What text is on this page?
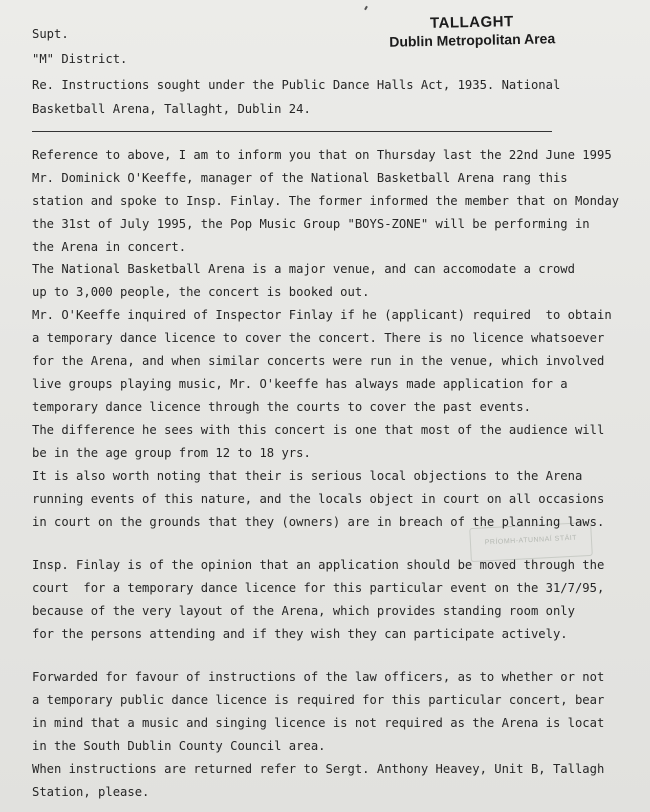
TALLAGHT
Dublin Metropolitan Area

Supt.

"M" District.

Re. Instructions sought under the Public Dance Halls Act, 1935. National

Basketball Arena, Tallaght, Dublin 24.

PRÍOMH-ATUNNAÍ STÁIT

Reference to above, I am to inform you that on Thursday last the 22nd June 1995

Mr. Dominick O'Keeffe, manager of the National Basketball Arena rang this

station and spoke to Insp. Finlay. The former informed the member that on Monday

the 31st of July 1995, the Pop Music Group "BOYS-ZONE" will be performing in

the Arena in concert.

The National Basketball Arena is a major venue, and can accomodate a crowd

up to 3,000 people, the concert is booked out.

Mr. O'Keeffe inquired of Inspector Finlay if he (applicant) required  to obtain

a temporary dance licence to cover the concert. There is no licence whatsoever

for the Arena, and when similar concerts were run in the venue, which involved

live groups playing music, Mr. O'keeffe has always made application for a

temporary dance licence through the courts to cover the past events.

The difference he sees with this concert is one that most of the audience will

be in the age group from 12 to 18 yrs.

It is also worth noting that their is serious local objections to the Arena

running events of this nature, and the locals object in court on all occasions

in court on the grounds that they (owners) are in breach of the planning laws.

Insp. Finlay is of the opinion that an application should be moved through the

court  for a temporary dance licence for this particular event on the 31/7/95,

because of the very layout of the Arena, which provides standing room only

for the persons attending and if they wish they can participate actively.

Forwarded for favour of instructions of the law officers, as to whether or not

a temporary public dance licence is required for this particular concert, bear

in mind that a music and singing licence is not required as the Arena is locat

in the South Dublin County Council area.

When instructions are returned refer to Sergt. Anthony Heavey, Unit B, Tallagh

Station, please.
